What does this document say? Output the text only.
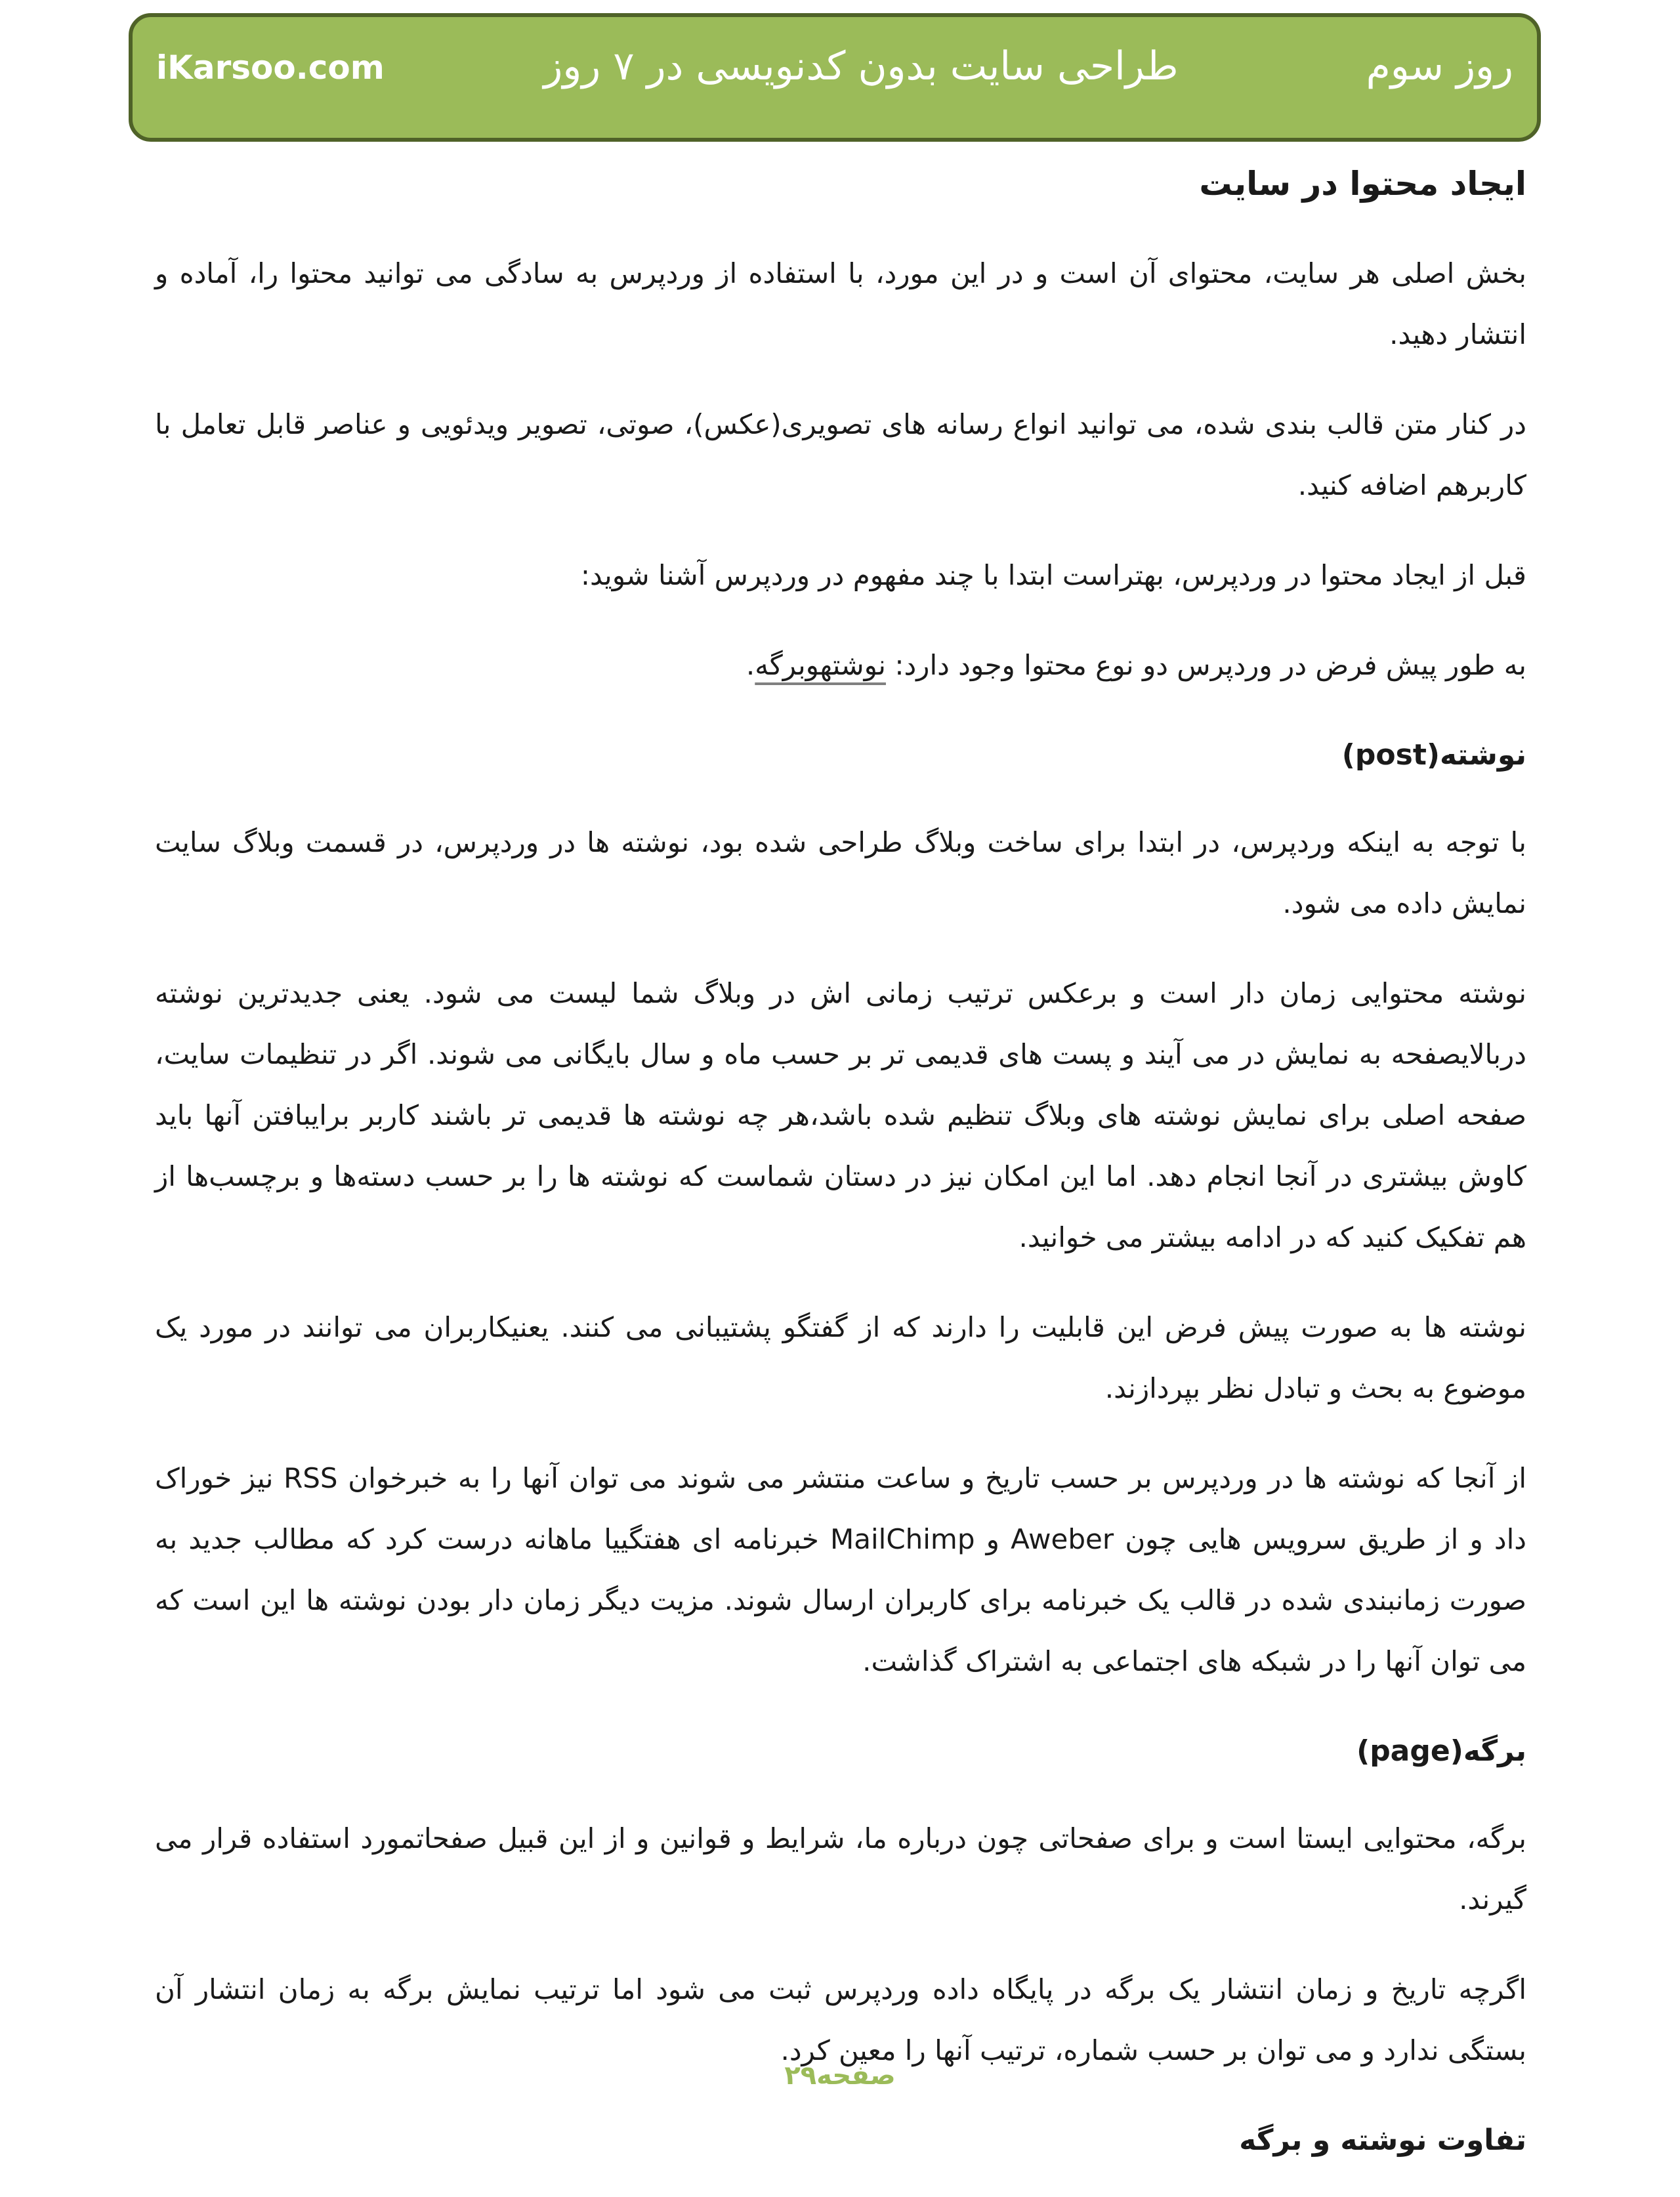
iKarsoo.com	طراحی سایت بدون کدنویسی در ۷ روز	روز سوم
ایجاد محتوا در سایت

بخش اصلی هر سایت، محتوای آن است و در این مورد، با استفاده از وردپرس به سادگی می توانید محتوا را، آماده و انتشار دهید.

در کنار متن قالب بندی شده، می توانید انواع رسانه های تصویری(عکس)، صوتی، تصویر ویدئویی و عناصر قابل تعامل با کاربرهم اضافه کنید.

قبل از ایجاد محتوا در وردپرس، بهتراست ابتدا با چند مفهوم در وردپرس آشنا شوید:

به طور پیش فرض در وردپرس دو نوع محتوا وجود دارد: نوشتهوبرگه.

نوشته(post)

با توجه به اینکه وردپرس، در ابتدا برای ساخت وبلاگ طراحی شده بود، نوشته ها در وردپرس، در قسمت وبلاگ سایت نمایش داده می شود.

نوشته محتوایی زمان دار است و برعکس ترتیب زمانی اش در وبلاگ شما لیست می شود. یعنی جدیدترین نوشته دربالایصفحه به نمایش در می آیند و پست های قدیمی تر بر حسب ماه و سال بایگانی می شوند. اگر در تنظیمات سایت، صفحه اصلی برای نمایش نوشته های وبلاگ تنظیم شده باشد،هر چه نوشته ها قدیمی تر باشند کاربر برایبافتن آنها باید کاوش بیشتری در آنجا انجام دهد. اما این امکان نیز در دستان شماست که نوشته ها را بر حسب دسته‌ها و برچسب‌ها از هم تفکیک کنید که در ادامه بیشتر می خوانید.

نوشته ها به صورت پیش فرض این قابلیت را دارند که از گفتگو پشتیبانی می کنند. یعنیکاربران می توانند در مورد یک موضوع به بحث و تبادل نظر بپردازند.

از آنجا که نوشته ها در وردپرس بر حسب تاریخ و ساعت منتشر می شوند می توان آنها را به خبرخوان RSS نیز خوراک داد و از طریق سرویس هایی چون Aweber و MailChimp خبرنامه ای هفتگییا ماهانه درست کرد که مطالب جدید به صورت زمانبندی شده در قالب یک خبرنامه برای کاربران ارسال شوند. مزیت دیگر زمان دار بودن نوشته ها این است که می توان آنها را در شبکه های اجتماعی به اشتراک گذاشت.

برگه(page)

برگه، محتوایی ایستا است و برای صفحاتی چون درباره ما، شرایط و قوانین و از این قبیل صفحاتمورد استفاده قرار می گیرند.

اگرچه تاریخ و زمان انتشار یک برگه در پایگاه داده وردپرس ثبت می شود اما ترتیب نمایش برگه به زمان انتشار آن بستگی ندارد و می توان بر حسب شماره، ترتیب آنها را معین کرد.

تفاوت نوشته و برگه
صفحه۲۹
